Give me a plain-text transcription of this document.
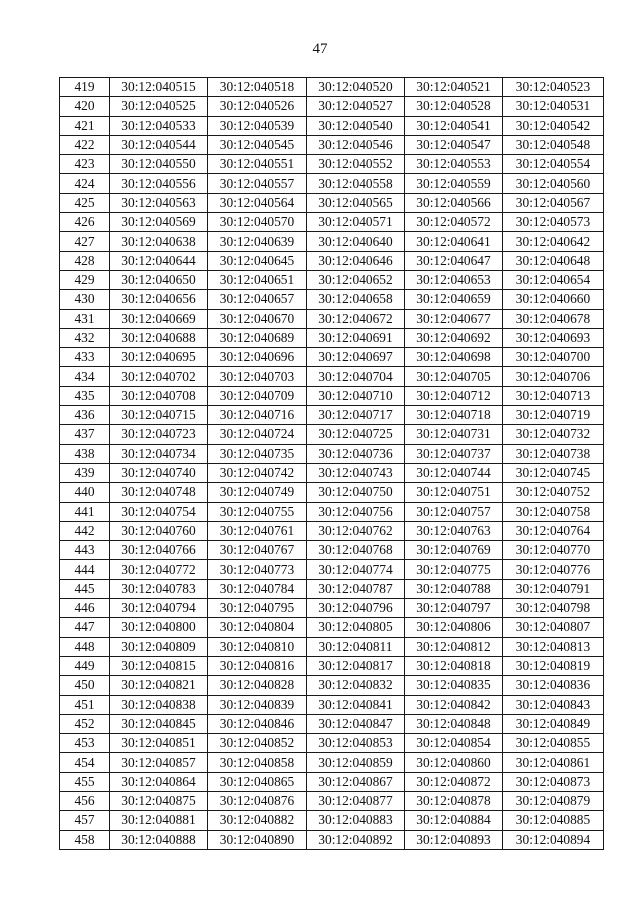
47
419	30:12:040515	30:12:040518	30:12:040520	30:12:040521	30:12:040523
420	30:12:040525	30:12:040526	30:12:040527	30:12:040528	30:12:040531
421	30:12:040533	30:12:040539	30:12:040540	30:12:040541	30:12:040542
422	30:12:040544	30:12:040545	30:12:040546	30:12:040547	30:12:040548
423	30:12:040550	30:12:040551	30:12:040552	30:12:040553	30:12:040554
424	30:12:040556	30:12:040557	30:12:040558	30:12:040559	30:12:040560
425	30:12:040563	30:12:040564	30:12:040565	30:12:040566	30:12:040567
426	30:12:040569	30:12:040570	30:12:040571	30:12:040572	30:12:040573
427	30:12:040638	30:12:040639	30:12:040640	30:12:040641	30:12:040642
428	30:12:040644	30:12:040645	30:12:040646	30:12:040647	30:12:040648
429	30:12:040650	30:12:040651	30:12:040652	30:12:040653	30:12:040654
430	30:12:040656	30:12:040657	30:12:040658	30:12:040659	30:12:040660
431	30:12:040669	30:12:040670	30:12:040672	30:12:040677	30:12:040678
432	30:12:040688	30:12:040689	30:12:040691	30:12:040692	30:12:040693
433	30:12:040695	30:12:040696	30:12:040697	30:12:040698	30:12:040700
434	30:12:040702	30:12:040703	30:12:040704	30:12:040705	30:12:040706
435	30:12:040708	30:12:040709	30:12:040710	30:12:040712	30:12:040713
436	30:12:040715	30:12:040716	30:12:040717	30:12:040718	30:12:040719
437	30:12:040723	30:12:040724	30:12:040725	30:12:040731	30:12:040732
438	30:12:040734	30:12:040735	30:12:040736	30:12:040737	30:12:040738
439	30:12:040740	30:12:040742	30:12:040743	30:12:040744	30:12:040745
440	30:12:040748	30:12:040749	30:12:040750	30:12:040751	30:12:040752
441	30:12:040754	30:12:040755	30:12:040756	30:12:040757	30:12:040758
442	30:12:040760	30:12:040761	30:12:040762	30:12:040763	30:12:040764
443	30:12:040766	30:12:040767	30:12:040768	30:12:040769	30:12:040770
444	30:12:040772	30:12:040773	30:12:040774	30:12:040775	30:12:040776
445	30:12:040783	30:12:040784	30:12:040787	30:12:040788	30:12:040791
446	30:12:040794	30:12:040795	30:12:040796	30:12:040797	30:12:040798
447	30:12:040800	30:12:040804	30:12:040805	30:12:040806	30:12:040807
448	30:12:040809	30:12:040810	30:12:040811	30:12:040812	30:12:040813
449	30:12:040815	30:12:040816	30:12:040817	30:12:040818	30:12:040819
450	30:12:040821	30:12:040828	30:12:040832	30:12:040835	30:12:040836
451	30:12:040838	30:12:040839	30:12:040841	30:12:040842	30:12:040843
452	30:12:040845	30:12:040846	30:12:040847	30:12:040848	30:12:040849
453	30:12:040851	30:12:040852	30:12:040853	30:12:040854	30:12:040855
454	30:12:040857	30:12:040858	30:12:040859	30:12:040860	30:12:040861
455	30:12:040864	30:12:040865	30:12:040867	30:12:040872	30:12:040873
456	30:12:040875	30:12:040876	30:12:040877	30:12:040878	30:12:040879
457	30:12:040881	30:12:040882	30:12:040883	30:12:040884	30:12:040885
458	30:12:040888	30:12:040890	30:12:040892	30:12:040893	30:12:040894
